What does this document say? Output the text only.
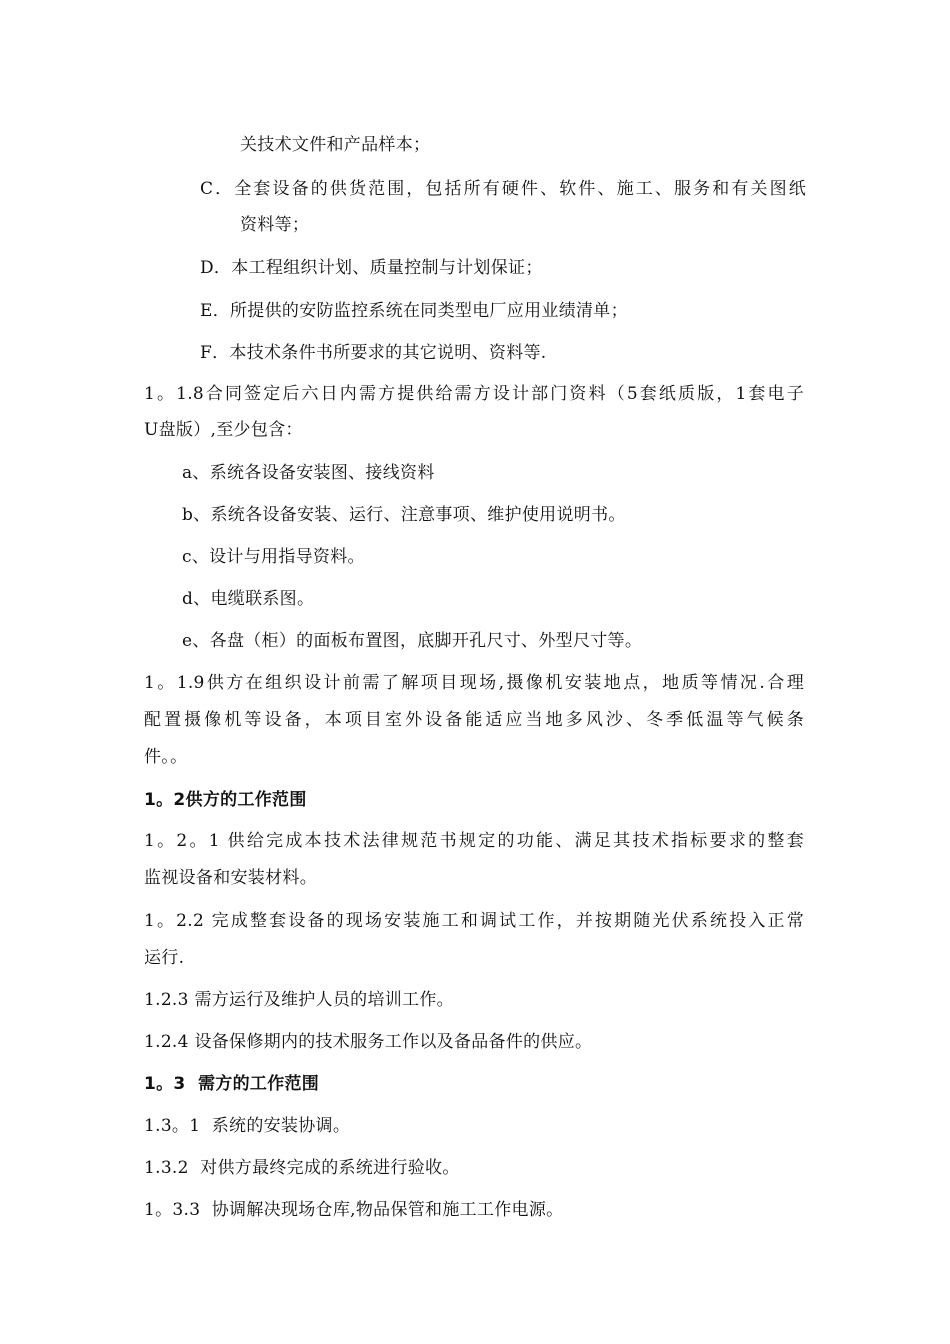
关技术文件和产品样本；
C．全套设备的供货范围，包括所有硬件、软件、施工、服务和有关图纸
资料等；
D．本工程组织计划、质量控制与计划保证；
E．所提供的安防监控系统在同类型电厂应用业绩清单；
F．本技术条件书所要求的其它说明、资料等.
1。1.8合同签定后六日内需方提供给需方设计部门资料（5套纸质版，1套电子
U盘版）,至少包含：
a、系统各设备安装图、接线资料
b、系统各设备安装、运行、注意事项、维护使用说明书。
c、设计与用指导资料。
d、电缆联系图。
e、各盘（柜）的面板布置图，底脚开孔尺寸、外型尺寸等。
1。1.9供方在组织设计前需了解项目现场,摄像机安装地点，地质等情况.合理
配置摄像机等设备，本项目室外设备能适应当地多风沙、冬季低温等气候条
件。。
1。2供方的工作范围
1。2。1 供给完成本技术法律规范书规定的功能、满足其技术指标要求的整套
监视设备和安装材料。
1。2.2 完成整套设备的现场安装施工和调试工作，并按期随光伏系统投入正常
运行.
1.2.3 需方运行及维护人员的培训工作。
1.2.4 设备保修期内的技术服务工作以及备品备件的供应。
1。3  需方的工作范围
1.3。1  系统的安装协调。
1.3.2  对供方最终完成的系统进行验收。
1。3.3  协调解决现场仓库,物品保管和施工工作电源。
